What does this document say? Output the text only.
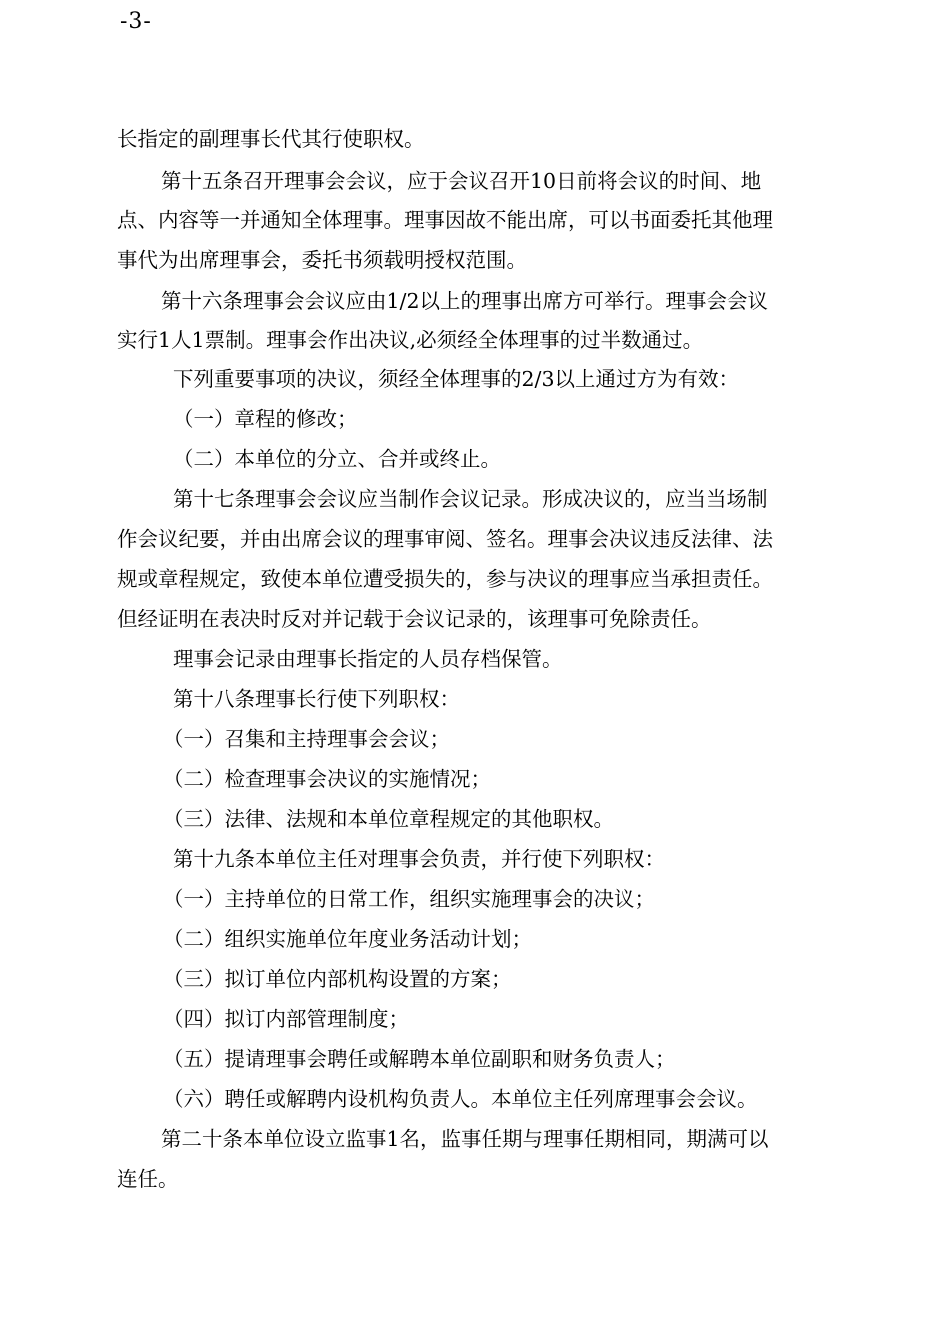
-3-
长指定的副理事长代其行使职权。
第十五条召开理事会会议，应于会议召开10日前将会议的时间、地
点、内容等一并通知全体理事。理事因故不能出席，可以书面委托其他理
事代为出席理事会，委托书须载明授权范围。
第十六条理事会会议应由1/2以上的理事出席方可举行。理事会会议
实行1人1票制。理事会作出决议,必须经全体理事的过半数通过。
下列重要事项的决议，须经全体理事的2/3以上通过方为有效：
（一）章程的修改；
（二）本单位的分立、合并或终止。
第十七条理事会会议应当制作会议记录。形成决议的，应当当场制
作会议纪要，并由出席会议的理事审阅、签名。理事会决议违反法律、法
规或章程规定，致使本单位遭受损失的，参与决议的理事应当承担责任。
但经证明在表决时反对并记载于会议记录的，该理事可免除责任。
理事会记录由理事长指定的人员存档保管。
第十八条理事长行使下列职权：
（一）召集和主持理事会会议；
（二）检查理事会决议的实施情况；
（三）法律、法规和本单位章程规定的其他职权。
第十九条本单位主任对理事会负责，并行使下列职权：
（一）主持单位的日常工作，组织实施理事会的决议；
（二）组织实施单位年度业务活动计划；
（三）拟订单位内部机构设置的方案；
（四）拟订内部管理制度；
（五）提请理事会聘任或解聘本单位副职和财务负责人；
（六）聘任或解聘内设机构负责人。本单位主任列席理事会会议。
第二十条本单位设立监事1名，监事任期与理事任期相同，期满可以
连任。
